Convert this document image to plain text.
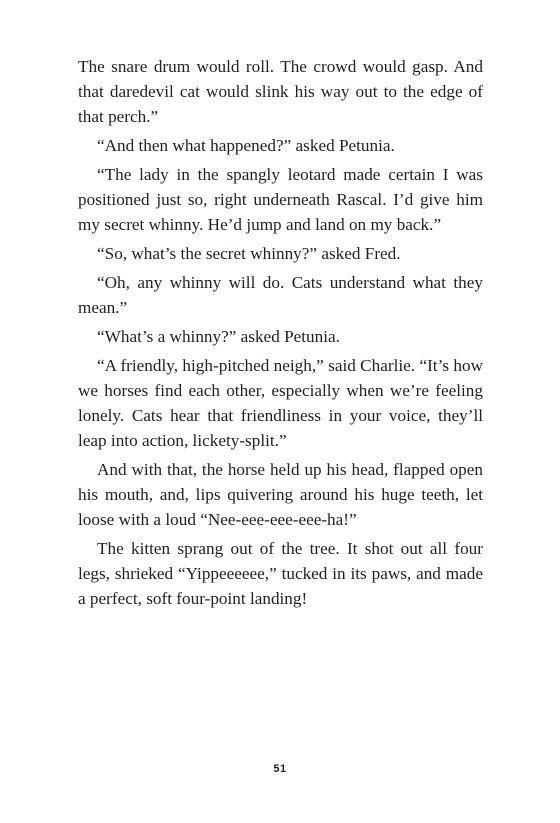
The snare drum would roll. The crowd would gasp. And that daredevil cat would slink his way out to the edge of that perch.”

“And then what happened?” asked Petunia.

“The lady in the spangly leotard made certain I was positioned just so, right underneath Rascal. I’d give him my secret whinny. He’d jump and land on my back.”

“So, what’s the secret whinny?” asked Fred.

“Oh, any whinny will do. Cats understand what they mean.”

“What’s a whinny?” asked Petunia.

“A friendly, high-pitched neigh,” said Charlie. “It’s how we horses find each other, especially when we’re feeling lonely. Cats hear that friendliness in your voice, they’ll leap into action, lickety-split.”

And with that, the horse held up his head, flapped open his mouth, and, lips quivering around his huge teeth, let loose with a loud “Nee-eee-eee-eee-ha!”

The kitten sprang out of the tree. It shot out all four legs, shrieked “Yippeeeeee,” tucked in its paws, and made a perfect, soft four-point landing!

51
